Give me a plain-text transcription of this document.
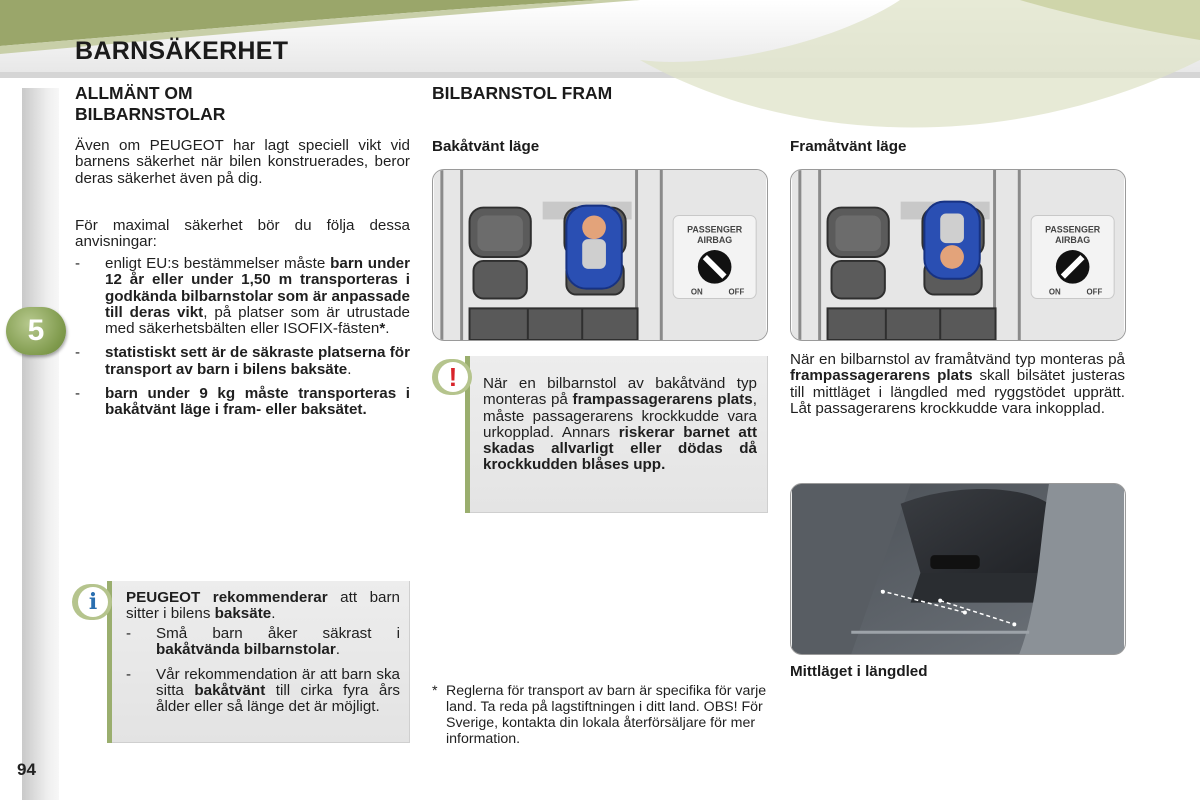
BARNSÄKERHET
5
94
ALLMÄNT OM
BILBARNSTOLAR
Även om PEUGEOT har lagt speciell vikt vid barnens säkerhet när bilen konstruerades, beror deras säkerhet även på dig.
För maximal säkerhet bör du följa dessa anvisningar:
- enligt EU:s bestämmelser måste barn under 12 år eller under 1,50 m transporteras i godkända bilbarnstolar som är anpassade till deras vikt, på platser som är utrustade med säkerhetsbälten eller ISOFIX-fästen*.
- statistiskt sett är de säkraste platserna för transport av barn i bilens baksäte.
- barn under 9 kg måste transporteras i bakåtvänt läge i fram- eller baksätet.
i	PEUGEOT rekommenderar att barn sitter i bilens baksäte.
- Små barn åker säkrast i bakåtvända bilbarnstolar.
- Vår rekommendation är att barn ska sitta bakåtvänt till cirka fyra års ålder eller så länge det är möjligt.
BILBARNSTOL FRAM
Bakåtvänt läge
PASSENGER
AIRBAG
ON	OFF
!	När en bilbarnstol av bakåtvänd typ monteras på frampassagerarens plats, måste passagerarens krockkudde vara urkopplad. Annars riskerar barnet att skadas allvarligt eller dödas då krockkudden blåses upp.
* Reglerna för transport av barn är specifika för varje land. Ta reda på lagstiftningen i ditt land. OBS! För Sverige, kontakta din lokala återförsäljare för mer information.
Framåtvänt läge
PASSENGER
AIRBAG
ON	OFF
När en bilbarnstol av framåtvänd typ monteras på frampassagerarens plats skall bilsätet justeras till mittläget i längdled med ryggstödet upprätt. Låt passagerarens krockkudde vara inkopplad.
Mittläget i längdled
